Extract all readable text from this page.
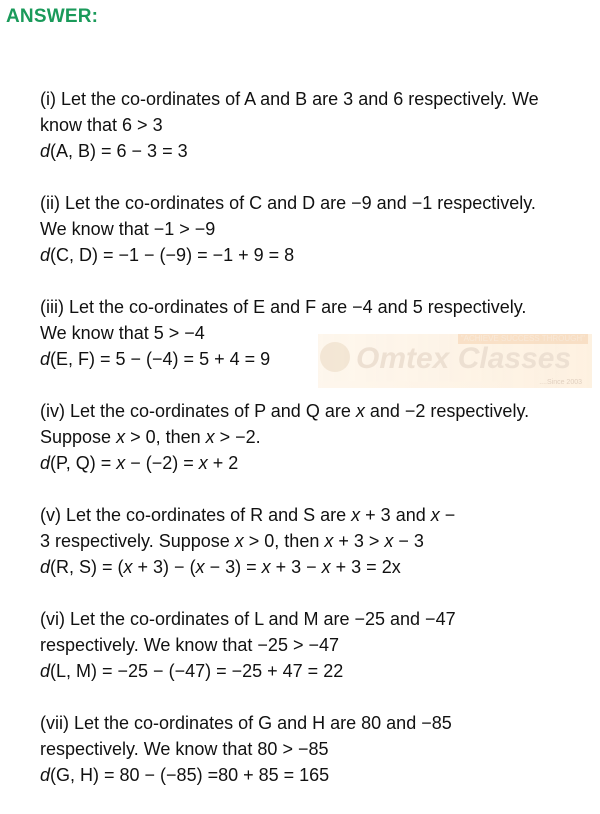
ANSWER:
Omtex Classes
"ACHIEVE SUCCESS THROUGH"
....Since 2003
(i) Let the co-ordinates of A and B are 3 and 6 respectively. We
know that 6 > 3
d(A, B) = 6 − 3 = 3
(ii) Let the co-ordinates of C and D are −9 and −1 respectively.
We know that −1 > −9
d(C, D) = −1 − (−9) = −1 + 9 = 8
(iii) Let the co-ordinates of E and F are −4 and 5 respectively.
We know that 5 > −4
d(E, F) = 5 − (−4) = 5 + 4 = 9
(iv) Let the co-ordinates of P and Q are x and −2 respectively.
Suppose x > 0, then x > −2.
d(P, Q) = x − (−2) = x + 2
(v) Let the co-ordinates of R and S are x + 3 and x −
3 respectively. Suppose x > 0, then x + 3 > x − 3
d(R, S) = (x + 3) − (x − 3) = x + 3 − x + 3 = 2x
(vi) Let the co-ordinates of L and M are −25 and −47
respectively. We know that −25 > −47
d(L, M) = −25 − (−47) = −25 + 47 = 22
(vii) Let the co-ordinates of G and H are 80 and −85
respectively. We know that 80 > −85
d(G, H) = 80 − (−85) =80 + 85 = 165
